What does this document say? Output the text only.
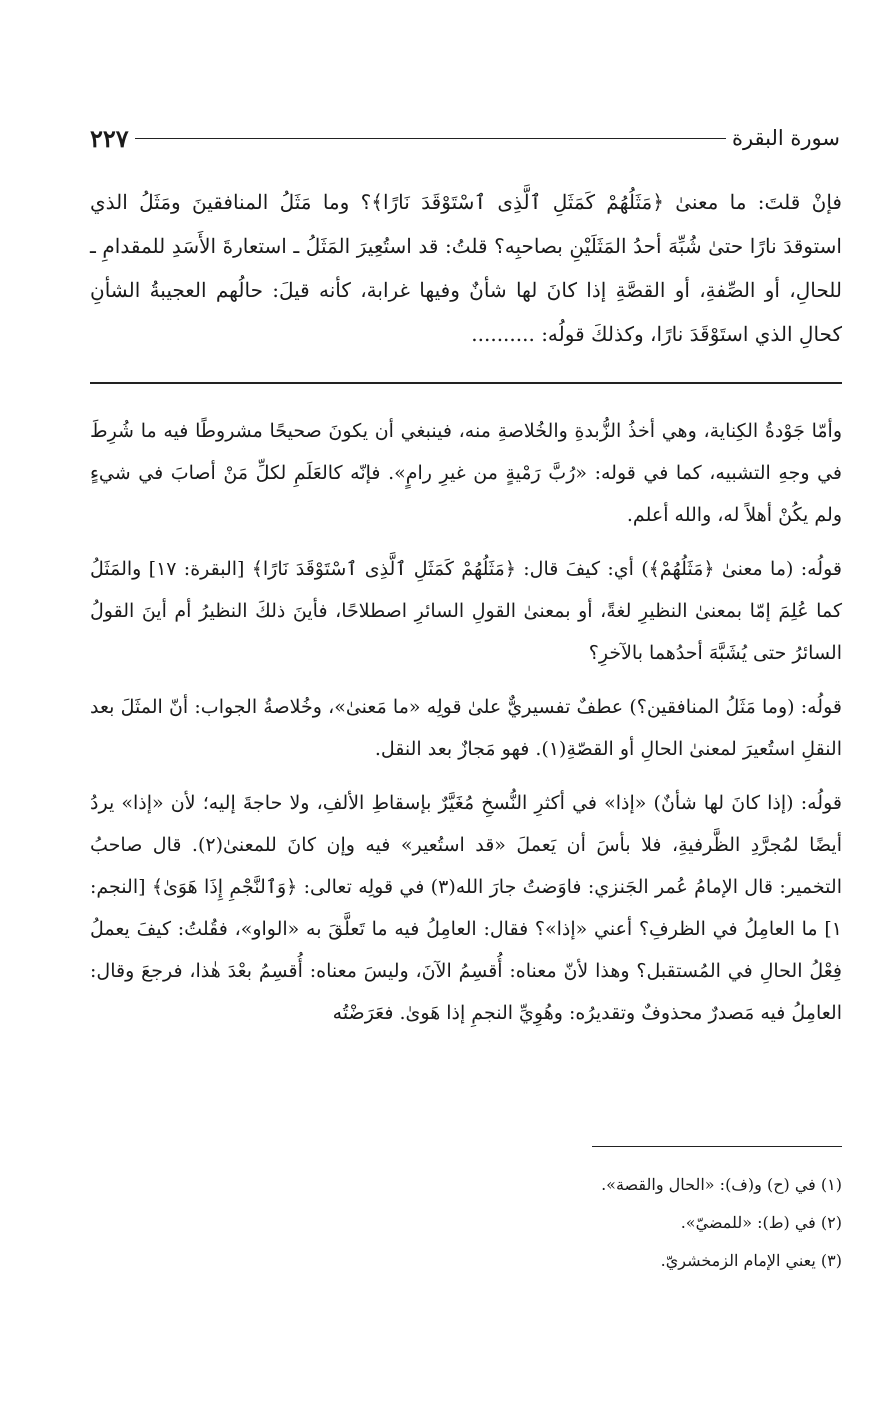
٢٢٧	سورة البقرة

فإنْ قلتَ: ما معنىٰ ﴿مَثَلُهُمْ كَمَثَلِ ٱلَّذِى ٱسْتَوْقَدَ نَارًا﴾؟ وما مَثَلُ المنافقينَ ومَثَلُ الذي استوقدَ نارًا حتىٰ شُبِّهَ أحدُ المَثَلَيْنِ بصاحبِه؟ قلتُ: قد استُعِيرَ المَثَلُ ـ استعارةَ الأَسَدِ للمقدامِ ـ للحالِ، أو الصِّفةِ، أو القصَّةِ إذا كانَ لها شأنٌ وفيها غرابة، كأنه قيلَ: حالُهم العجيبةُ الشأنِ كحالِ الذي استَوْقَدَ نارًا، وكذلكَ قولُه: ..........

وأمّا جَوْدةُ الكِناية، وهي أخذُ الزُّبدةِ والخُلاصةِ منه، فينبغي أن يكونَ صحيحًا مشروطًا فيه ما شُرِطَ في وجهِ التشبيه، كما في قوله: «رُبَّ رَمْيةٍ من غيرِ رامٍ». فإنّه كالعَلَمِ لكلِّ مَنْ أصابَ في شيءٍ ولم يكُنْ أهلاً له، والله أعلم.

قولُه: (ما معنىٰ ﴿مَثَلُهُمْ﴾) أي: كيفَ قال: ﴿مَثَلُهُمْ كَمَثَلِ ٱلَّذِى ٱسْتَوْقَدَ نَارًا﴾ [البقرة: ١٧] والمَثَلُ كما عُلِمَ إمّا بمعنىٰ النظيرِ لغةً، أو بمعنىٰ القولِ السائرِ اصطلاحًا، فأينَ ذلكَ النظيرُ أم أينَ القولُ السائرُ حتى يُشَبَّهَ أحدُهما بالآخرِ؟

قولُه: (وما مَثَلُ المنافقين؟) عطفٌ تفسيريٌّ علىٰ قولِه «ما مَعنىٰ»، وخُلاصةُ الجواب: أنّ المثَلَ بعد النقلِ استُعيرَ لمعنىٰ الحالِ أو القصّةِ(١). فهو مَجازٌ بعد النقل.

قولُه: (إذا كانَ لها شأنٌ) «إذا» في أكثرِ النُّسخِ مُغَيَّرٌ بإسقاطِ الألفِ، ولا حاجةَ إليه؛ لأن «إذا» يردُ أيضًا لمُجرَّدِ الظَّرفيةِ، فلا بأسَ أن يَعملَ «قد استُعير» فيه وإن كانَ للمعنىٰ(٢). قال صاحبُ التخمير: قال الإمامُ عُمر الجَنزي: فاوَضتُ جارَ الله(٣) في قولِه تعالى: ﴿وَٱلنَّجْمِ إِذَا هَوَىٰ﴾ [النجم: ١] ما العامِلُ في الظرفِ؟ أعني «إذا»؟ فقال: العامِلُ فيه ما تَعلَّقَ به «الواو»، فقُلتُ: كيفَ يعملُ فِعْلُ الحالِ في المُستقبل؟ وهذا لأنّ معناه: أُقسِمُ الآنَ، وليسَ معناه: أُقسِمُ بعْدَ هٰذا، فرجعَ وقال: العامِلُ فيه مَصدرٌ محذوفٌ وتقديرُه: وهُوِيِّ النجمِ إذا هَوىٰ. فعَرَضْتُه

(١) في (ح) و(ف): «الحال والقصة».
(٢) في (ط): «للمضيّ».
(٣) يعني الإمام الزمخشريّ.
